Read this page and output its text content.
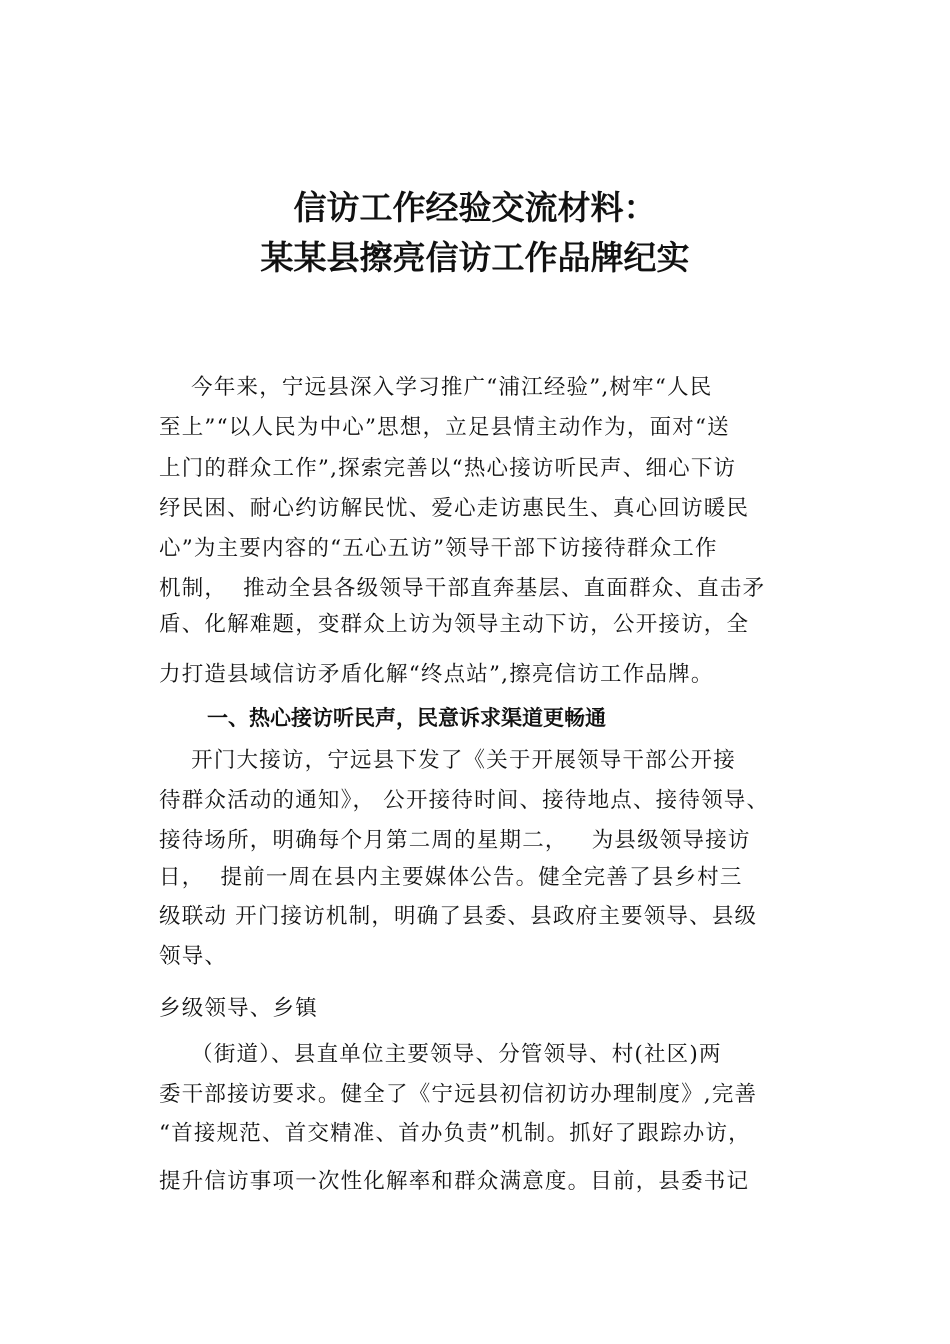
信访工作经验交流材料：
某某县擦亮信访工作品牌纪实
今年来，宁远县深入学习推广“浦江经验”,树牢“人民
至上”“以人民为中心”思想，立足县情主动作为，面对“送
上门的群众工作”,探索完善以“热心接访听民声、细心下访
纾民困、耐心约访解民忧、爱心走访惠民生、真心回访暖民
心”为主要内容的“五心五访”领导干部下访接待群众工作
机制，  推动全县各级领导干部直奔基层、直面群众、直击矛
盾、化解难题，变群众上访为领导主动下访，公开接访，全
力打造县域信访矛盾化解“终点站”,擦亮信访工作品牌。
一、热心接访听民声，民意诉求渠道更畅通
开门大接访，宁远县下发了《关于开展领导干部公开接
待群众活动的通知》， 公开接待时间、接待地点、接待领导、
接待场所，明确每个月第二周的星期二，   为县级领导接访
日，  提前一周在县内主要媒体公告。健全完善了县乡村三
级联动 开门接访机制，明确了县委、县政府主要领导、县级
领导、
乡级领导、乡镇
（街道）、县直单位主要领导、分管领导、村(社区)两
委干部接访要求。健全了《宁远县初信初访办理制度》,完善
“首接规范、首交精准、首办负责”机制。抓好了跟踪办访，
提升信访事项一次性化解率和群众满意度。目前，县委书记
